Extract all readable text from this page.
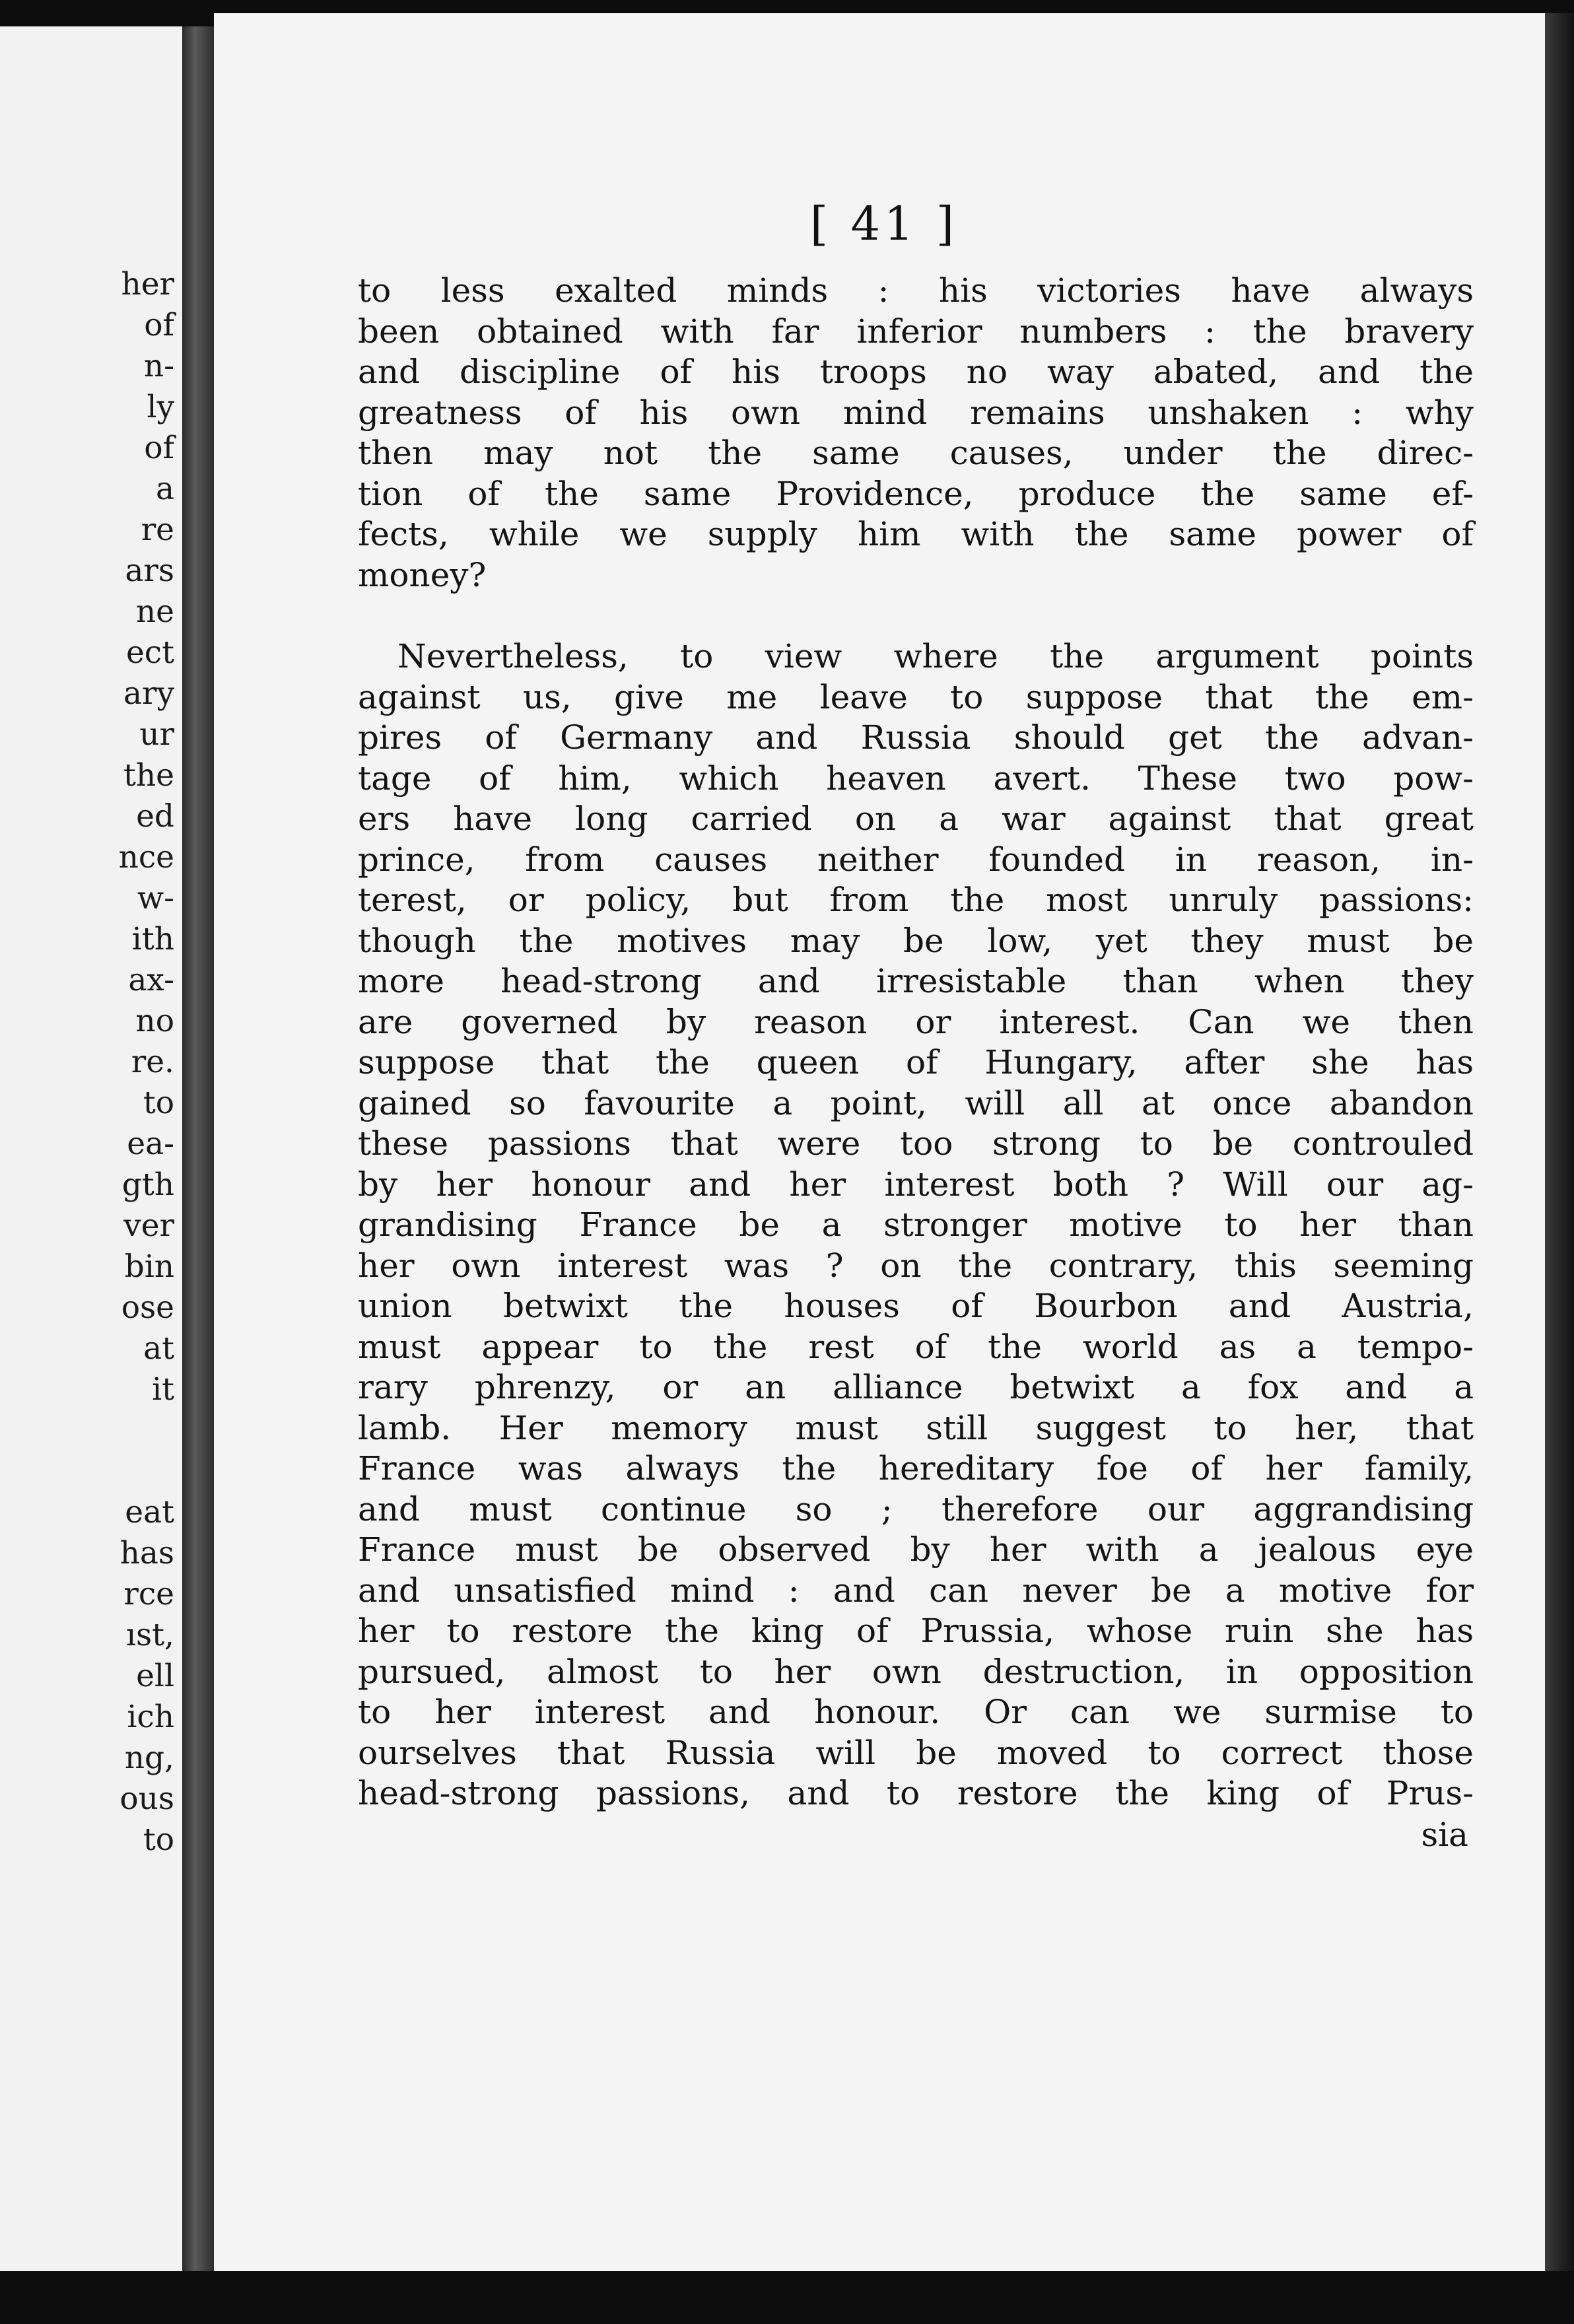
her
of
n-
ly
of
a
re
ars
ne
ect
ary
ur
the
ed
nce
w-
ith
ax-
no
re.
to
ea-
gth
ver
bin
ose
at
it
eat
has
rce
ıst,
ell
ich
ng,
ous
to
[ 41 ]
to less exalted minds : his victories have always
been obtained with far inferior numbers : the bravery
and discipline of his troops no way abated, and the
greatness of his own mind remains unshaken : why
then may not the same causes, under the direc-
tion of the same Providence, produce the same ef-
fects, while we supply him with the same power of
money?
Nevertheless, to view where the argument points
against us, give me leave to suppose that the em-
pires of Germany and Russia should get the advan-
tage of him, which heaven avert. These two pow-
ers have long carried on a war against that great
prince, from causes neither founded in reason, in-
terest, or policy, but from the most unruly passions:
though the motives may be low, yet they must be
more head-strong and irresistable than when they
are governed by reason or interest. Can we then
suppose that the queen of Hungary, after she has
gained so favourite a point, will all at once abandon
these passions that were too strong to be controuled
by her honour and her interest both ? Will our ag-
grandising France be a stronger motive to her than
her own interest was ? on the contrary, this seeming
union betwixt the houses of Bourbon and Austria,
must appear to the rest of the world as a tempo-
rary phrenzy, or an alliance betwixt a fox and a
lamb. Her memory must still suggest to her, that
France was always the hereditary foe of her family,
and must continue so ; therefore our aggrandising
France must be observed by her with a jealous eye
and unsatisfied mind : and can never be a motive for
her to restore the king of Prussia, whose ruin she has
pursued, almost to her own destruction, in opposition
to her interest and honour. Or can we surmise to
ourselves that Russia will be moved to correct those
head-strong passions, and to restore the king of Prus-
sia
